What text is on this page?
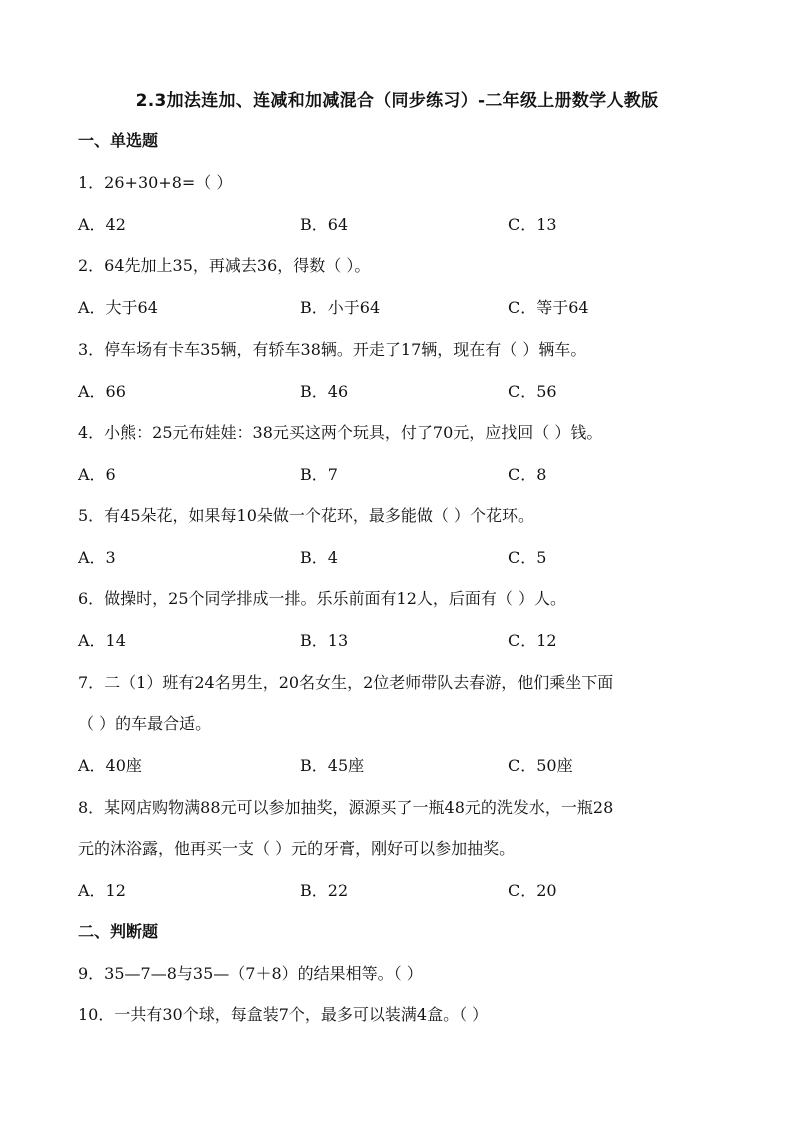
2.3加法连加、连减和加减混合（同步练习）-二年级上册数学人教版
一、单选题
1．26+30+8=（ ）
A．42	B．64	C．13
2．64先加上35，再减去36，得数（ ）。
A．大于64	B．小于64	C．等于64
3．停车场有卡车35辆，有轿车38辆。开走了17辆，现在有（ ）辆车。
A．66	B．46	C．56
4．小熊：25元布娃娃：38元买这两个玩具，付了70元，应找回（ ）钱。
A．6	B．7	C．8
5．有45朵花，如果每10朵做一个花环，最多能做（ ）个花环。
A．3	B．4	C．5
6．做操时，25个同学排成一排。乐乐前面有12人，后面有（ ）人。
A．14	B．13	C．12
7．二（1）班有24名男生，20名女生，2位老师带队去春游，他们乘坐下面
（ ）的车最合适。
A．40座	B．45座	C．50座
8．某网店购物满88元可以参加抽奖，源源买了一瓶48元的洗发水，一瓶28
元的沐浴露，他再买一支（ ）元的牙膏，刚好可以参加抽奖。
A．12	B．22	C．20
二、判断题
9．35—7—8与35—（7＋8）的结果相等。（ ）
10．一共有30个球，每盒装7个，最多可以装满4盒。（ ）
